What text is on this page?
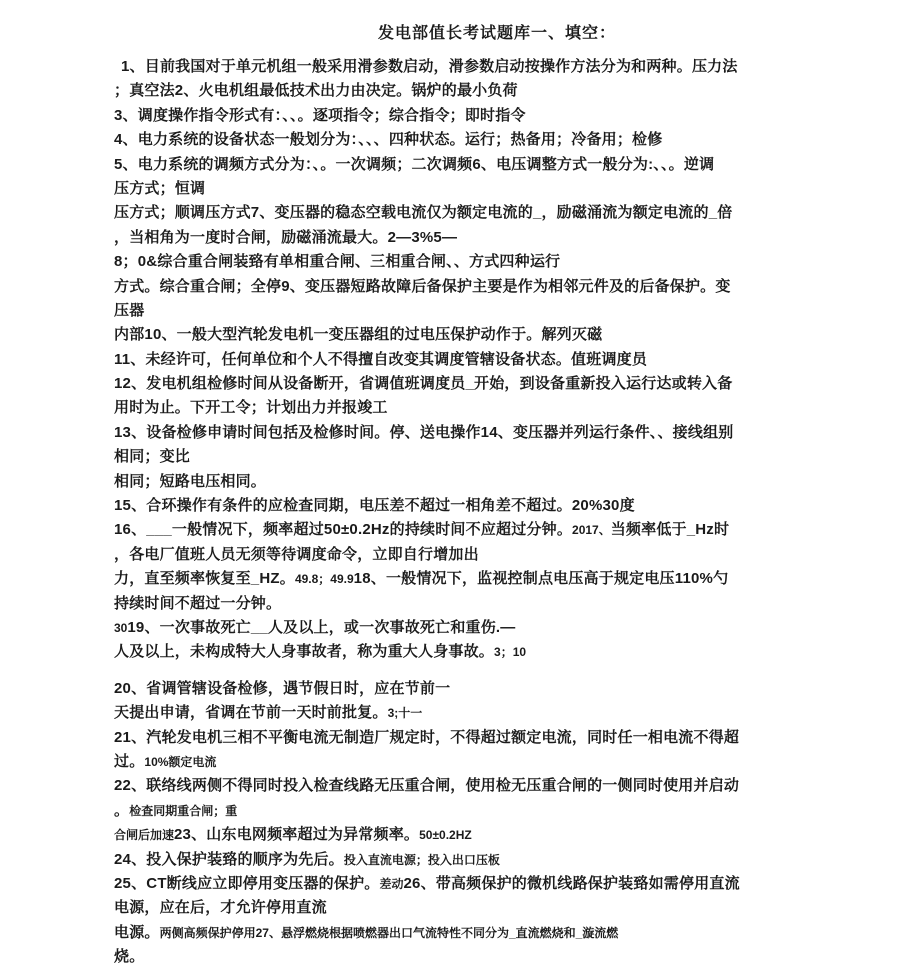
发电部值长考试题库一、填空：

1、目前我国对于单元机组一般采用滑参数启动，滑参数启动按操作方法分为和两种。压力法

；真空法2、火电机组最低技术出力由决定。锅炉的最小负荷

3、调度操作指令形式有：、、。逐项指令；综合指令；即时指令

4、电力系统的设备状态一般划分为：、、、四种状态。运行；热备用；冷备用；检修

5、电力系统的调频方式分为：、。一次调频；二次调频6、电压调整方式一般分为:、、。逆调

压方式；恒调

压方式；顺调压方式7、变压器的稳态空载电流仅为额定电流的_，励磁涌流为额定电流的_倍

，当相角为一度时合闸，励磁涌流最大。2—3%5—

8；0&综合重合闸装臵有单相重合闸、三相重合闸、、方式四种运行

方式。综合重合闸；全停9、变压器短路故障后备保护主要是作为相邻元件及的后备保护。变

压器

内部10、一般大型汽轮发电机一变压器组的过电压保护动作于。解列灭磁

11、未经许可，任何单位和个人不得擅自改变其调度管辖设备状态。值班调度员

12、发电机组检修时间从设备断开，省调值班调度员_开始，到设备重新投入运行达或转入备

用时为止。下开工令；计划出力并报竣工

13、设备检修申请时间包括及检修时间。停、送电操作14、变压器并列运行条件、、接线组别

相同；变比

相同；短路电压相同。

15、合环操作有条件的应检查同期，电压差不超过一相角差不超过。20%30度

16、___一般情况下，频率超过50±0.2Hz的持续时间不应超过分钟。2017、当频率低于_Hz时

，各电厂值班人员无须等待调度命令，立即自行增加出

力，直至频率恢复至_HZ。49.8；49.918、一般情况下，监视控制点电压高于规定电压110%勺

持续时间不超过一分钟。

3019、一次事故死亡__人及以上，或一次事故死亡和重伤.—

人及以上，未构成特大人身事故者，称为重大人身事故。3；10

20、省调管辖设备检修，遇节假日时，应在节前一

天提出申请，省调在节前一天时前批复。3;十一

21、汽轮发电机三相不平衡电流无制造厂规定时，不得超过额定电流，同时任一相电流不得超

过。10%额定电流

22、联络线两侧不得同时投入检查线路无压重合闸，使用检无压重合闸的一侧同时使用并启动

。检查同期重合闸；重

合闸后加速23、山东电网频率超过为异常频率。50±0.2HZ

24、投入保护装臵的顺序为先后。投入直流电源；投入出口压板

25、CT断线应立即停用变压器的保护。差动26、带高频保护的微机线路保护装臵如需停用直流

电源，应在后，才允许停用直流

电源。两侧高频保护停用27、悬浮燃烧根据喷燃器出口气流特性不同分为_直流燃烧和_漩流燃

烧。
